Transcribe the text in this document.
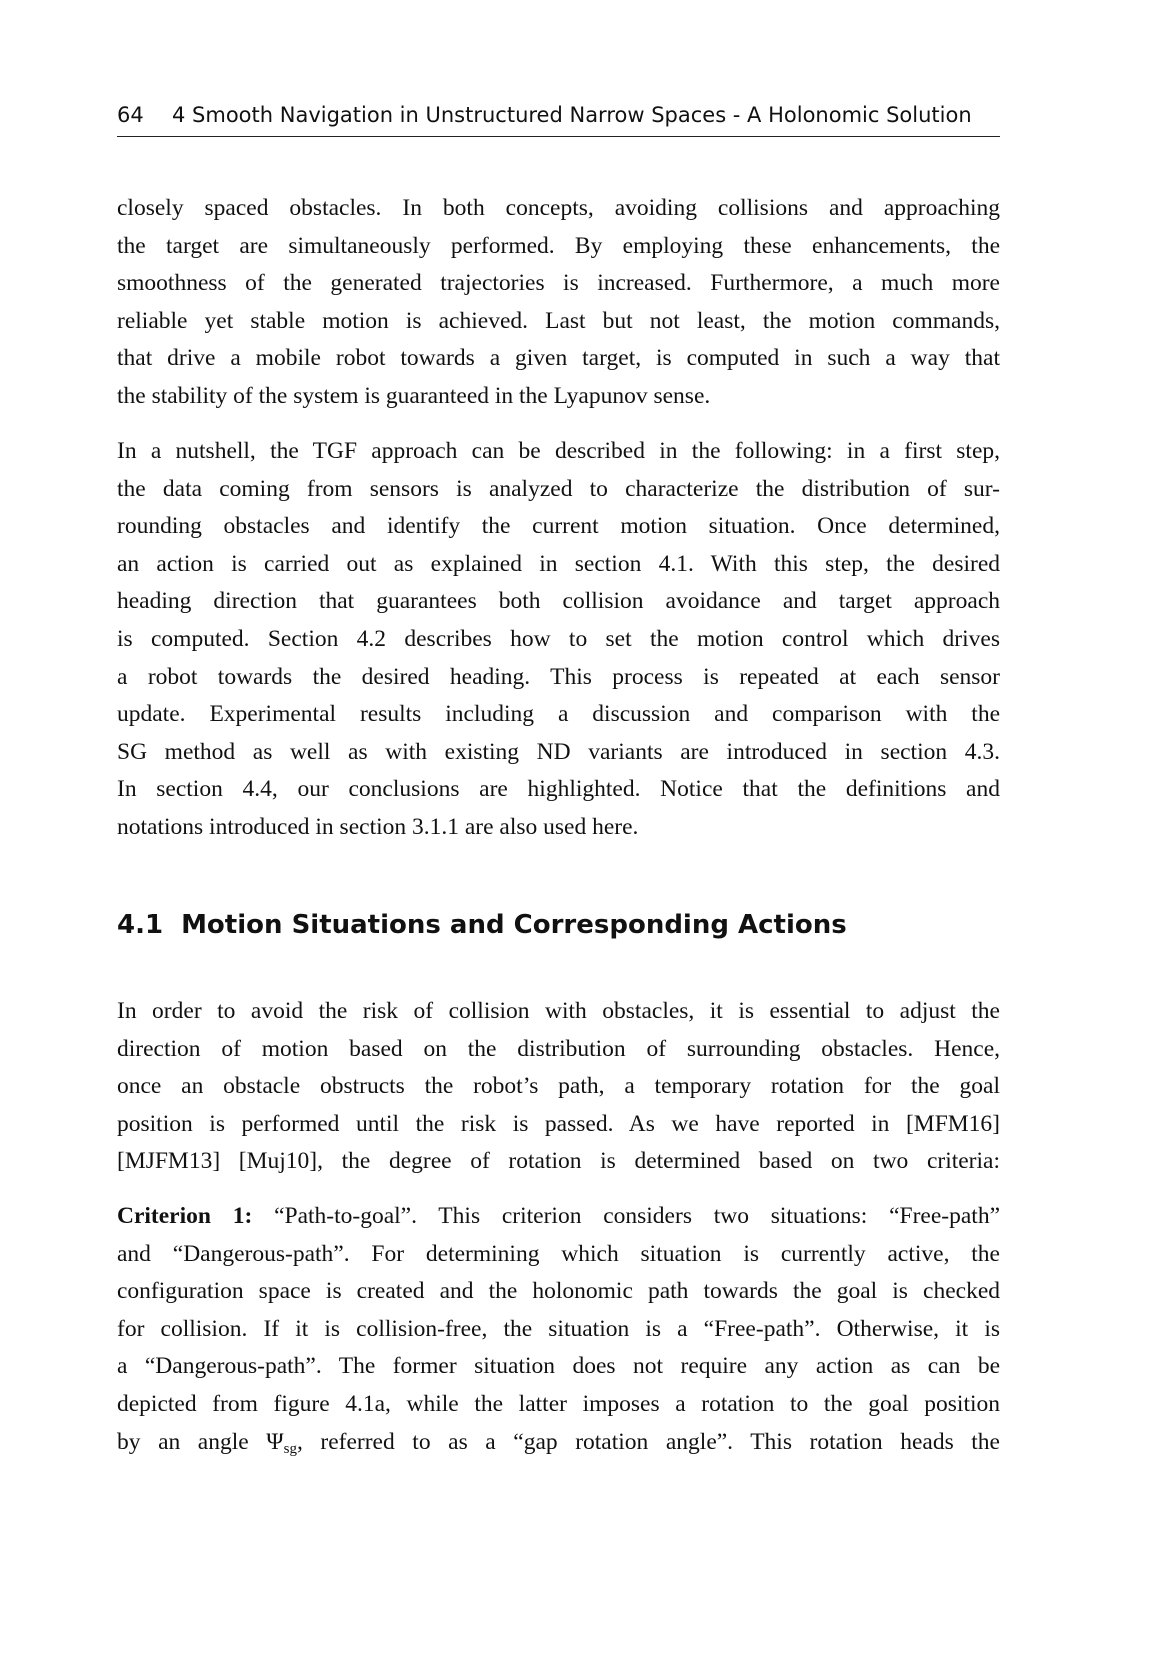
64 4 Smooth Navigation in Unstructured Narrow Spaces - A Holonomic Solution
closely spaced obstacles. In both concepts, avoiding collisions and approaching
the target are simultaneously performed. By employing these enhancements, the
smoothness of the generated trajectories is increased. Furthermore, a much more
reliable yet stable motion is achieved. Last but not least, the motion commands,
that drive a mobile robot towards a given target, is computed in such a way that
the stability of the system is guaranteed in the Lyapunov sense.
In a nutshell, the TGF approach can be described in the following: in a first step,
the data coming from sensors is analyzed to characterize the distribution of sur-
rounding obstacles and identify the current motion situation. Once determined,
an action is carried out as explained in section 4.1. With this step, the desired
heading direction that guarantees both collision avoidance and target approach
is computed. Section 4.2 describes how to set the motion control which drives
a robot towards the desired heading. This process is repeated at each sensor
update. Experimental results including a discussion and comparison with the
SG method as well as with existing ND variants are introduced in section 4.3.
In section 4.4, our conclusions are highlighted. Notice that the definitions and
notations introduced in section 3.1.1 are also used here.
4.1 Motion Situations and Corresponding Actions
In order to avoid the risk of collision with obstacles, it is essential to adjust the
direction of motion based on the distribution of surrounding obstacles. Hence,
once an obstacle obstructs the robot’s path, a temporary rotation for the goal
position is performed until the risk is passed. As we have reported in [MFM16]
[MJFM13] [Muj10], the degree of rotation is determined based on two criteria:
Criterion 1: “Path-to-goal”. This criterion considers two situations: “Free-path”
and “Dangerous-path”. For determining which situation is currently active, the
configuration space is created and the holonomic path towards the goal is checked
for collision. If it is collision-free, the situation is a “Free-path”. Otherwise, it is
a “Dangerous-path”. The former situation does not require any action as can be
depicted from figure 4.1a, while the latter imposes a rotation to the goal position
by an angle $\Psi_{sg}$, referred to as a “gap rotation angle”. This rotation heads the
